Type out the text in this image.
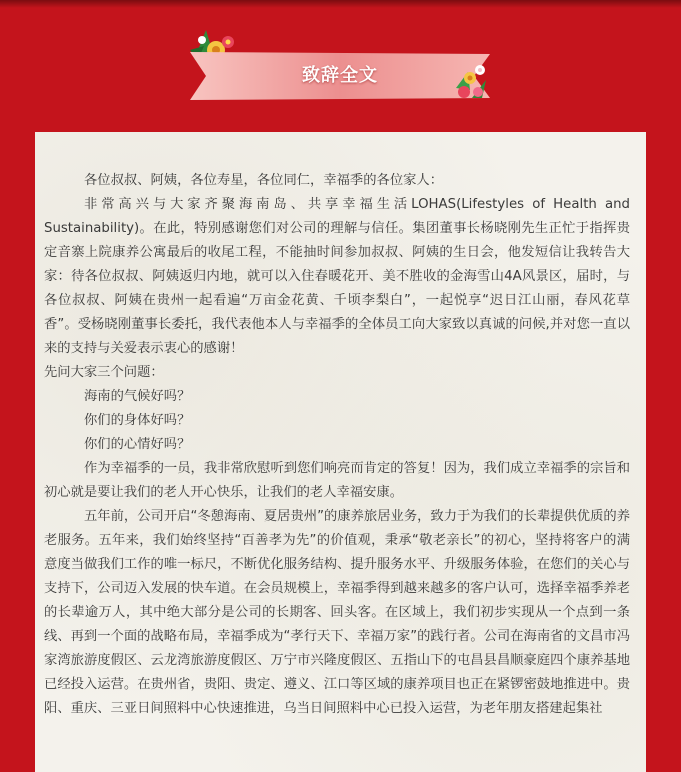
致辞全文

各位叔叔、阿姨，各位寿星，各位同仁，幸福季的各位家人：

非常高兴与大家齐聚海南岛、共享幸福生活LOHAS(Lifestyles of Health and Sustainability)。在此，特别感谢您们对公司的理解与信任。集团董事长杨晓刚先生正忙于指挥贵定音寨上院康养公寓最后的收尾工程，不能抽时间参加叔叔、阿姨的生日会，他发短信让我转告大家：待各位叔叔、阿姨返归内地，就可以入住春暖花开、美不胜收的金海雪山4A风景区，届时，与各位叔叔、阿姨在贵州一起看遍“万亩金花黄、千顷李梨白”，一起悦享“迟日江山丽，春风花草香”。受杨晓刚董事长委托，我代表他本人与幸福季的全体员工向大家致以真诚的问候,并对您一直以来的支持与关爱表示衷心的感谢！

先问大家三个问题：

海南的气候好吗？

你们的身体好吗？

你们的心情好吗？

作为幸福季的一员，我非常欣慰听到您们响亮而肯定的答复！因为，我们成立幸福季的宗旨和初心就是要让我们的老人开心快乐，让我们的老人幸福安康。

五年前，公司开启“冬憩海南、夏居贵州”的康养旅居业务，致力于为我们的长辈提供优质的养老服务。五年来，我们始终坚持“百善孝为先”的价值观，秉承“敬老亲长”的初心，坚持将客户的满意度当做我们工作的唯一标尺，不断优化服务结构、提升服务水平、升级服务体验，在您们的关心与支持下，公司迈入发展的快车道。在会员规模上，幸福季得到越来越多的客户认可，选择幸福季养老的长辈逾万人，其中绝大部分是公司的长期客、回头客。在区域上，我们初步实现从一个点到一条线、再到一个面的战略布局，幸福季成为“孝行天下、幸福万家”的践行者。公司在海南省的文昌市冯家湾旅游度假区、云龙湾旅游度假区、万宁市兴隆度假区、五指山下的屯昌县昌顺豪庭四个康养基地已经投入运营。在贵州省，贵阳、贵定、遵义、江口等区域的康养项目也正在紧锣密鼓地推进中。贵阳、重庆、三亚日间照料中心快速推进，乌当日间照料中心已投入运营，为老年朋友搭建起集社
